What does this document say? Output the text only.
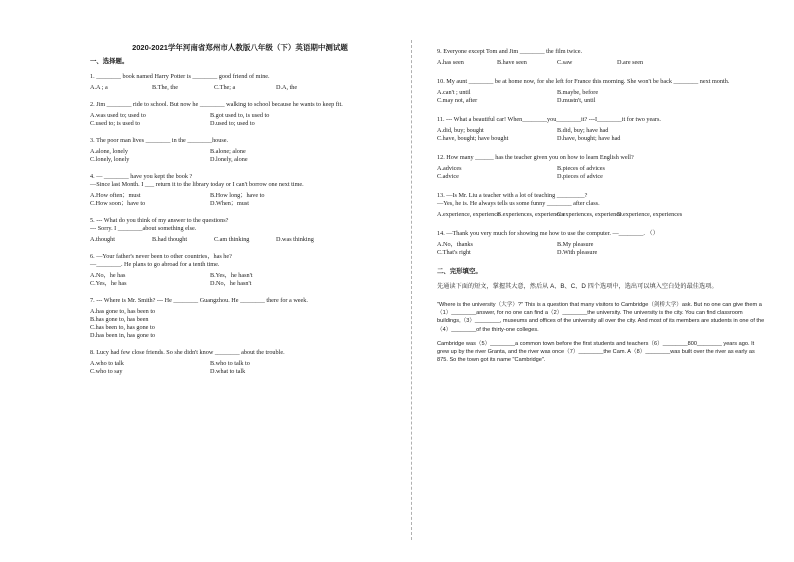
2020-2021学年河南省郑州市人教版八年级（下）英语期中测试题
一、选择题。
1. ________ book named Harry Potter is ________ good friend of mine.
A.A ; a	B.The, the	C.The; a	D.A, the
2. Jim ________ ride to school. But now he ________ walking to school because he wants to keep fit.
A.was used to; used to	B.got used to, is used to
C.used to; is used to	D.used to; used to
3. The poor man lives ________ in the ________house.
A.alone, lonely	B.alone; alone
C.lonely, lonely	D.lonely, alone
4. — ________ have you kept the book ?
—Since last Month. I ___ return it to the library today or I can't borrow one next time.
A.How often；must	B.How long；have to
C.How soon；have to	D.When；must
5. --- What do you think of my answer to the questions?
--- Sorry. I ________about something else.
A.thought	B.had thought	C.am thinking	D.was thinking
6. —Your father's never been to other countries，has he?
—________. He plans to go abroad for a tenth time.
A.No，he has	B.Yes，he hasn't
C.Yes，he has	D.No，he hasn't
7. --- Where is Mr. Smith? --- He ________ Guangzhou. He ________ there for a week.
A.has gone to, has been to
B.has gone to, has been
C.has been to, has gone to
D.has been in, has gone to
8. Lucy had few close friends. So she didn't know ________ about the trouble.
A.who to talk	B.who to talk to
C.who to say	D.what to talk
9. Everyone except Tom and Jim ________ the film twice.
A.has seen	B.have seen	C.saw	D.are seen
10. My aunt ________ be at home now, for she left for France this morning. She won't be back ________ next month.
A.can't ; until	B.maybe, before
C.may not, after	D.mustn't, until
11. --- What a beautiful car! When________you________it? ---I________it for two years.
A.did, buy; bought	B.did, buy; have had
C.have, bought; have bought	D.have, bought; have had
12. How many ______ has the teacher given you on how to learn English well?
A.advices	B.pieces of advices
C.advice	D.pieces of advice
13. —Is Mr. Liu a teacher with a lot of teaching _________?
—Yes, he is. He always tells us some funny ________ after class.
A.experience, experience
B.experiences, experiences
C.experiences, experience
D.experience, experiences
14. —Thank you very much for showing me how to use the computer. —________. （）
A.No，thanks	B.My pleasure
C.That's right	D.With pleasure
二、完形填空。
先通读下面的短文，掌握其大意，然后从 A、B、C、D 四个选项中，选出可以填入空白处的最佳选项。
"Where is the university（大学）?" This is a question that many visitors to Cambridge（剑桥大学）ask. But no one can give them a（1）________answer, for no one can find a（2）________the university. The university is the city. You can find classroom buildings,（3）________, museums and offices of the university all over the city. And most of its members are students in one of the（4）________of the thirty-one colleges.
Cambridge was（5）________a common town before the first students and teachers（6）________800________ years ago. It grew up by the river Granta, and the river was once（7）________the Cam. A（8）________was built over the river as early as 875. So the town got its name "Cambridge".
